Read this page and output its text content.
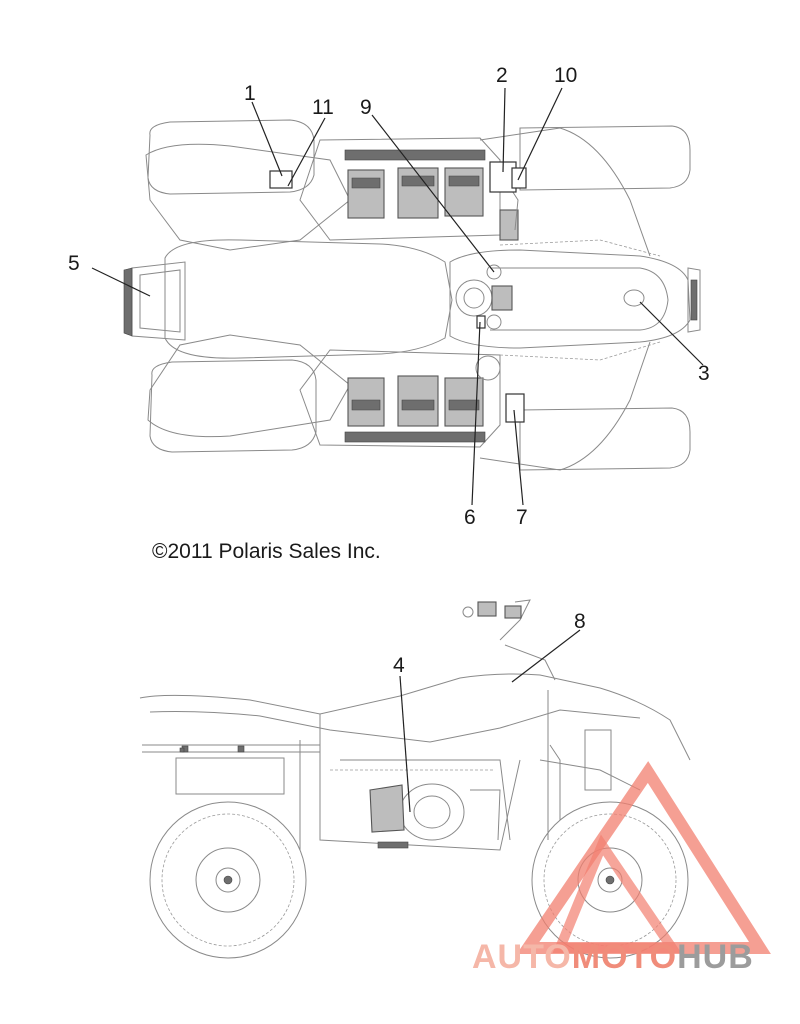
1
2
3
4
5
6 7
8
9
10
11
©2011 Polaris Sales Inc.
AUTOMOTOHUB
